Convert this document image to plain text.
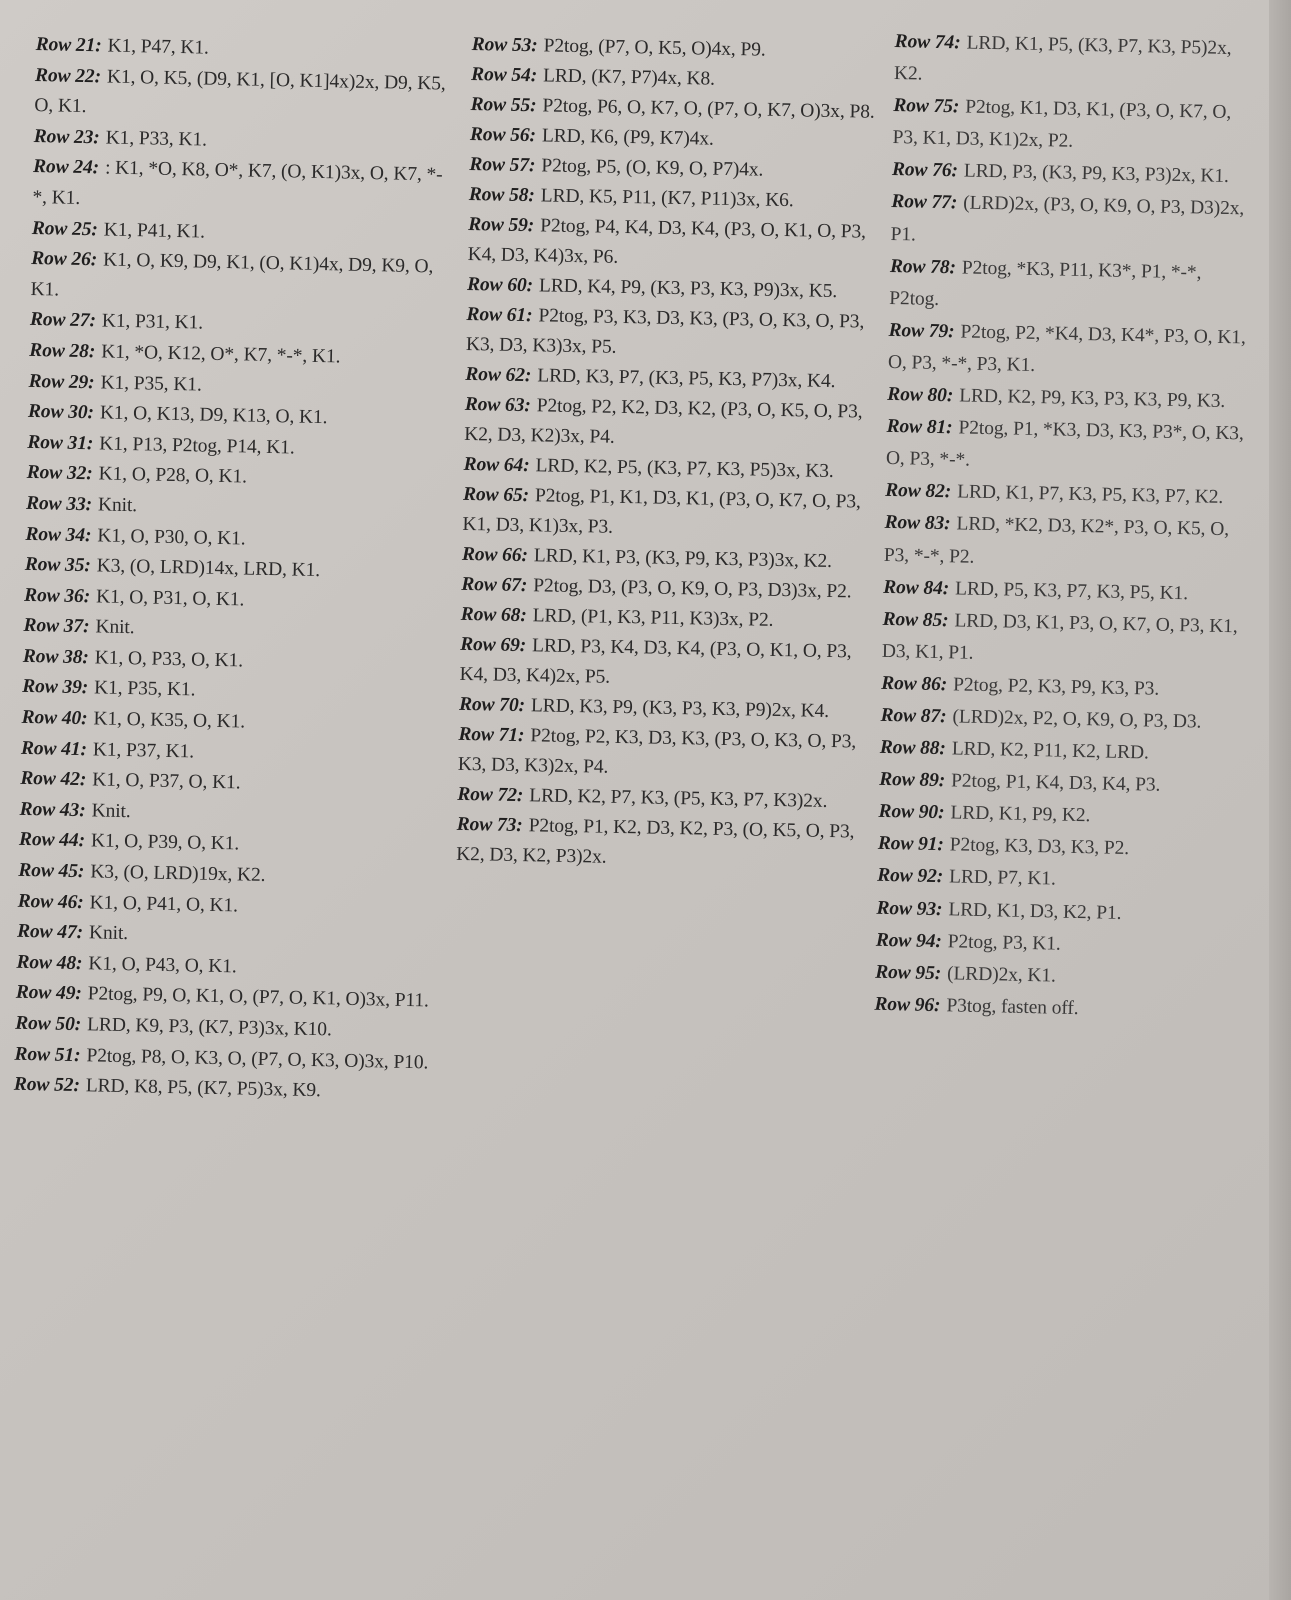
Row 21: K1, P47, K1.
Row 22: K1, O, K5, (D9, K1, [O, K1]4x)2x, D9, K5, O, K1.
Row 23: K1, P33, K1.
Row 24: : K1, *O, K8, O*, K7, (O, K1)3x, O, K7, *-*, K1.
Row 25: K1, P41, K1.
Row 26: K1, O, K9, D9, K1, (O, K1)4x, D9, K9, O, K1.
Row 27: K1, P31, K1.
Row 28: K1, *O, K12, O*, K7, *-*, K1.
Row 29: K1, P35, K1.
Row 30: K1, O, K13, D9, K13, O, K1.
Row 31: K1, P13, P2tog, P14, K1.
Row 32: K1, O, P28, O, K1.
Row 33: Knit.
Row 34: K1, O, P30, O, K1.
Row 35: K3, (O, LRD)14x, LRD, K1.
Row 36: K1, O, P31, O, K1.
Row 37: Knit.
Row 38: K1, O, P33, O, K1.
Row 39: K1, P35, K1.
Row 40: K1, O, K35, O, K1.
Row 41: K1, P37, K1.
Row 42: K1, O, P37, O, K1.
Row 43: Knit.
Row 44: K1, O, P39, O, K1.
Row 45: K3, (O, LRD)19x, K2.
Row 46: K1, O, P41, O, K1.
Row 47: Knit.
Row 48: K1, O, P43, O, K1.
Row 49: P2tog, P9, O, K1, O, (P7, O, K1, O)3x, P11.
Row 50: LRD, K9, P3, (K7, P3)3x, K10.
Row 51: P2tog, P8, O, K3, O, (P7, O, K3, O)3x, P10.
Row 52: LRD, K8, P5, (K7, P5)3x, K9.
Row 53: P2tog, (P7, O, K5, O)4x, P9.
Row 54: LRD, (K7, P7)4x, K8.
Row 55: P2tog, P6, O, K7, O, (P7, O, K7, O)3x, P8.
Row 56: LRD, K6, (P9, K7)4x.
Row 57: P2tog, P5, (O, K9, O, P7)4x.
Row 58: LRD, K5, P11, (K7, P11)3x, K6.
Row 59: P2tog, P4, K4, D3, K4, (P3, O, K1, O, P3, K4, D3, K4)3x, P6.
Row 60: LRD, K4, P9, (K3, P3, K3, P9)3x, K5.
Row 61: P2tog, P3, K3, D3, K3, (P3, O, K3, O, P3, K3, D3, K3)3x, P5.
Row 62: LRD, K3, P7, (K3, P5, K3, P7)3x, K4.
Row 63: P2tog, P2, K2, D3, K2, (P3, O, K5, O, P3, K2, D3, K2)3x, P4.
Row 64: LRD, K2, P5, (K3, P7, K3, P5)3x, K3.
Row 65: P2tog, P1, K1, D3, K1, (P3, O, K7, O, P3, K1, D3, K1)3x, P3.
Row 66: LRD, K1, P3, (K3, P9, K3, P3)3x, K2.
Row 67: P2tog, D3, (P3, O, K9, O, P3, D3)3x, P2.
Row 68: LRD, (P1, K3, P11, K3)3x, P2.
Row 69: LRD, P3, K4, D3, K4, (P3, O, K1, O, P3, K4, D3, K4)2x, P5.
Row 70: LRD, K3, P9, (K3, P3, K3, P9)2x, K4.
Row 71: P2tog, P2, K3, D3, K3, (P3, O, K3, O, P3, K3, D3, K3)2x, P4.
Row 72: LRD, K2, P7, K3, (P5, K3, P7, K3)2x.
Row 73: P2tog, P1, K2, D3, K2, P3, (O, K5, O, P3, K2, D3, K2, P3)2x.
Row 74: LRD, K1, P5, (K3, P7, K3, P5)2x, K2.
Row 75: P2tog, K1, D3, K1, (P3, O, K7, O, P3, K1, D3, K1)2x, P2.
Row 76: LRD, P3, (K3, P9, K3, P3)2x, K1.
Row 77: (LRD)2x, (P3, O, K9, O, P3, D3)2x, P1.
Row 78: P2tog, *K3, P11, K3*, P1, *-*, P2tog.
Row 79: P2tog, P2, *K4, D3, K4*, P3, O, K1, O, P3, *-*, P3, K1.
Row 80: LRD, K2, P9, K3, P3, K3, P9, K3.
Row 81: P2tog, P1, *K3, D3, K3, P3*, O, K3, O, P3, *-*.
Row 82: LRD, K1, P7, K3, P5, K3, P7, K2.
Row 83: LRD, *K2, D3, K2*, P3, O, K5, O, P3, *-*, P2.
Row 84: LRD, P5, K3, P7, K3, P5, K1.
Row 85: LRD, D3, K1, P3, O, K7, O, P3, K1, D3, K1, P1.
Row 86: P2tog, P2, K3, P9, K3, P3.
Row 87: (LRD)2x, P2, O, K9, O, P3, D3.
Row 88: LRD, K2, P11, K2, LRD.
Row 89: P2tog, P1, K4, D3, K4, P3.
Row 90: LRD, K1, P9, K2.
Row 91: P2tog, K3, D3, K3, P2.
Row 92: LRD, P7, K1.
Row 93: LRD, K1, D3, K2, P1.
Row 94: P2tog, P3, K1.
Row 95: (LRD)2x, K1.
Row 96: P3tog, fasten off.
